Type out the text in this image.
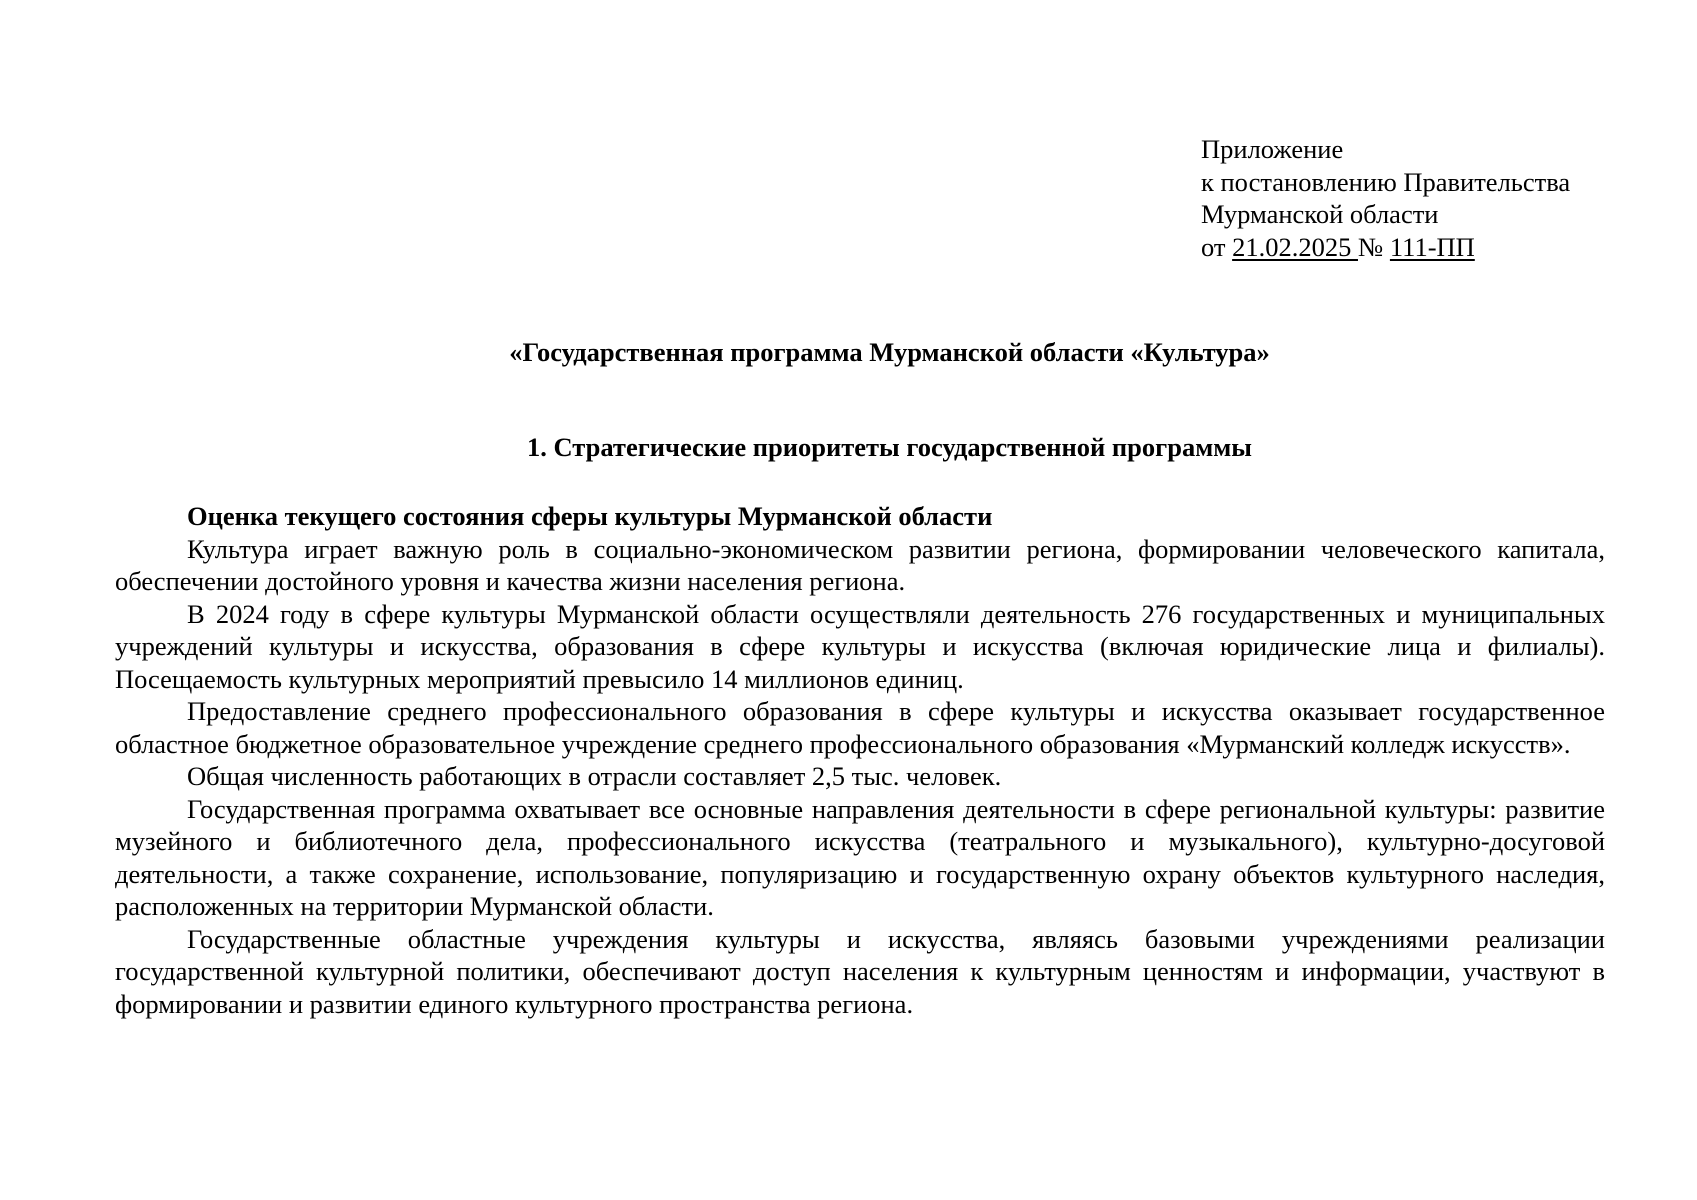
Приложение
к постановлению Правительства
Мурманской области
от 21.02.2025 № 111-ПП
«Государственная программа Мурманской области «Культура»
1. Стратегические приоритеты государственной программы

Оценка текущего состояния сферы культуры Мурманской области

Культура играет важную роль в социально-экономическом развитии региона, формировании человеческого капитала, обеспечении достойного уровня и качества жизни населения региона.

В 2024 году в сфере культуры Мурманской области осуществляли деятельность 276 государственных и муниципальных учреждений культуры и искусства, образования в сфере культуры и искусства (включая юридические лица и филиалы). Посещаемость культурных мероприятий превысило 14 миллионов единиц.

Предоставление среднего профессионального образования в сфере культуры и искусства оказывает государственное областное бюджетное образовательное учреждение среднего профессионального образования «Мурманский колледж искусств».

Общая численность работающих в отрасли составляет 2,5 тыс. человек.

Государственная программа охватывает все основные направления деятельности в сфере региональной культуры: развитие музейного и библиотечного дела, профессионального искусства (театрального и музыкального), культурно-досуговой деятельности, а также сохранение, использование, популяризацию и государственную охрану объектов культурного наследия, расположенных на территории Мурманской области.

Государственные областные учреждения культуры и искусства, являясь базовыми учреждениями реализации государственной культурной политики, обеспечивают доступ населения к культурным ценностям и информации, участвуют в формировании и развитии единого культурного пространства региона.
